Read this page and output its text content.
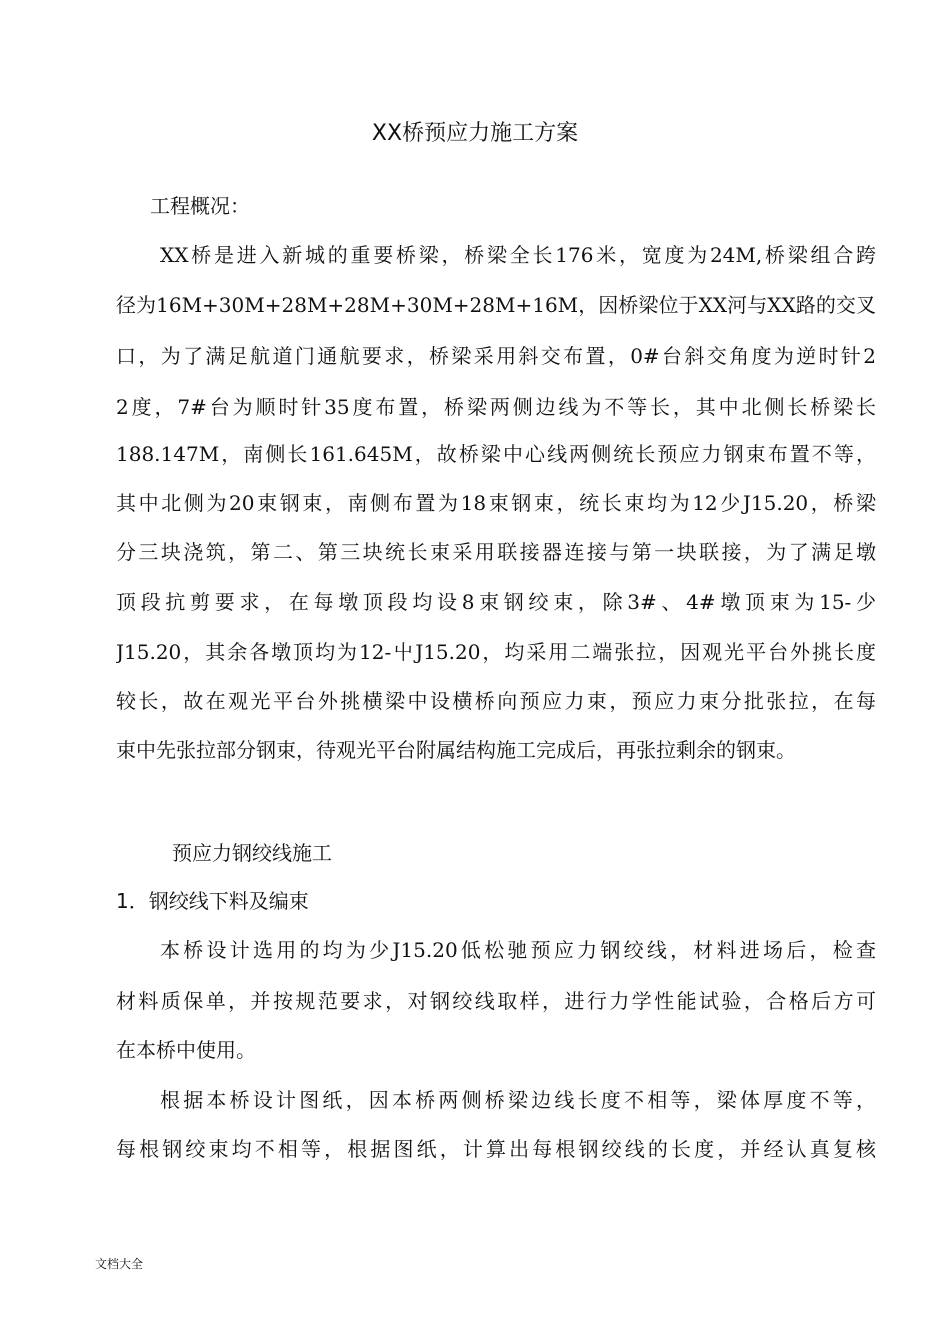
XX桥预应力施工方案
工程概况：
XX桥是进入新城的重要桥梁，桥梁全长176米，宽度为24M,桥梁组合跨
径为16M+30M+28M+28M+30M+28M+16M，因桥梁位于XX河与XX路的交叉
口，为了满足航道门通航要求，桥梁采用斜交布置，0#台斜交角度为逆时针2
2度，7#台为顺时针35度布置，桥梁两侧边线为不等长，其中北侧长桥梁长
188.147M，南侧长161.645M，故桥梁中心线两侧统长预应力钢束布置不等，
其中北侧为20束钢束，南侧布置为18束钢束，统长束均为12少J15.20，桥梁
分三块浇筑，第二、第三块统长束采用联接器连接与第一块联接，为了满足墩
顶段抗剪要求，在每墩顶段均设8束钢绞束，除3#、4#墩顶束为15-少
J15.20，其余各墩顶均为12-屮J15.20，均采用二端张拉，因观光平台外挑长度
较长，故在观光平台外挑横梁中设横桥向预应力束，预应力束分批张拉，在每
束中先张拉部分钢束，待观光平台附属结构施工完成后，再张拉剩余的钢束。
预应力钢绞线施工
1．钢绞线下料及编束
本桥设计选用的均为少J15.20低松驰预应力钢绞线，材料进场后，检查
材料质保单，并按规范要求，对钢绞线取样，进行力学性能试验，合格后方可
在本桥中使用。
根据本桥设计图纸，因本桥两侧桥梁边线长度不相等，梁体厚度不等，
每根钢绞束均不相等，根据图纸，计算出每根钢绞线的长度，并经认真复核
文档大全
